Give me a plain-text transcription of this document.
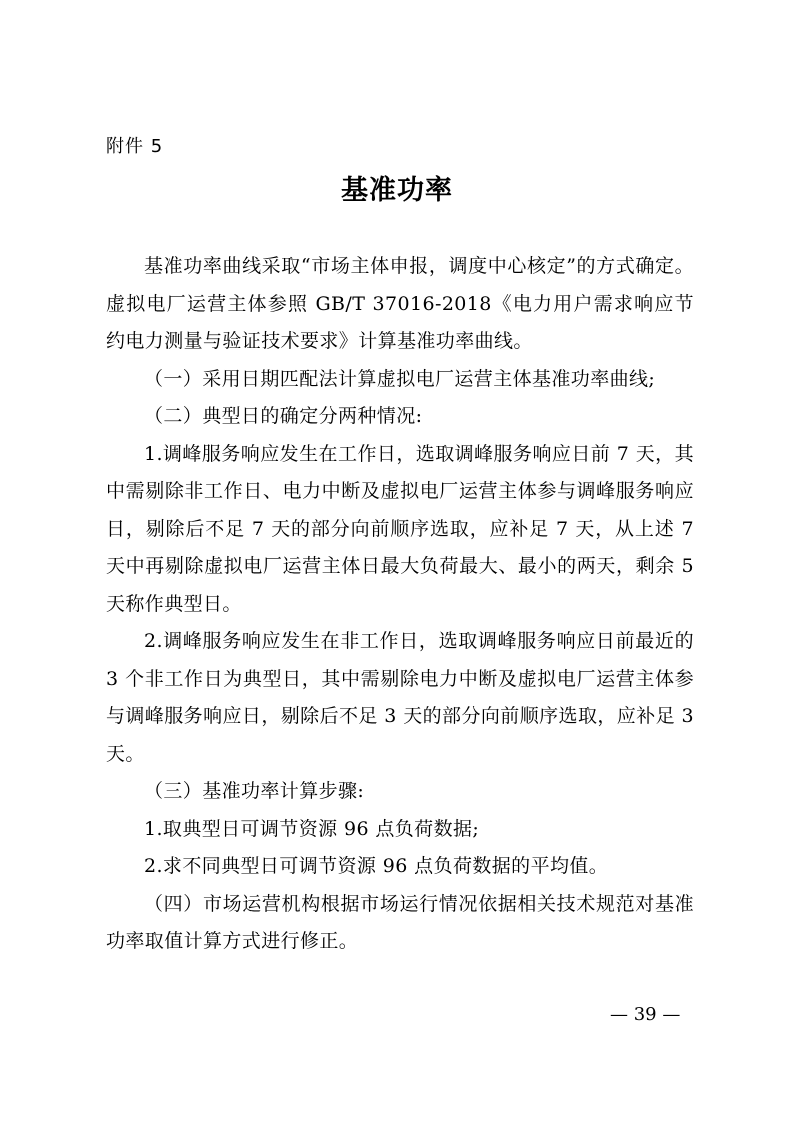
附件 5
基准功率

基准功率曲线采取“市场主体申报，调度中心核定”的方式确定。虚拟电厂运营主体参照 GB/T 37016-2018《电力用户需求响应节约电力测量与验证技术要求》计算基准功率曲线。

（一）采用日期匹配法计算虚拟电厂运营主体基准功率曲线;

（二）典型日的确定分两种情况:

1.调峰服务响应发生在工作日，选取调峰服务响应日前 7 天，其中需剔除非工作日、电力中断及虚拟电厂运营主体参与调峰服务响应日，剔除后不足 7 天的部分向前顺序选取，应补足 7 天，从上述 7 天中再剔除虚拟电厂运营主体日最大负荷最大、最小的两天，剩余 5 天称作典型日。

2.调峰服务响应发生在非工作日，选取调峰服务响应日前最近的 3 个非工作日为典型日，其中需剔除电力中断及虚拟电厂运营主体参与调峰服务响应日，剔除后不足 3 天的部分向前顺序选取，应补足 3 天。

（三）基准功率计算步骤:

1.取典型日可调节资源 96 点负荷数据;

2.求不同典型日可调节资源 96 点负荷数据的平均值。

（四）市场运营机构根据市场运行情况依据相关技术规范对基准功率取值计算方式进行修正。

— 39 —
